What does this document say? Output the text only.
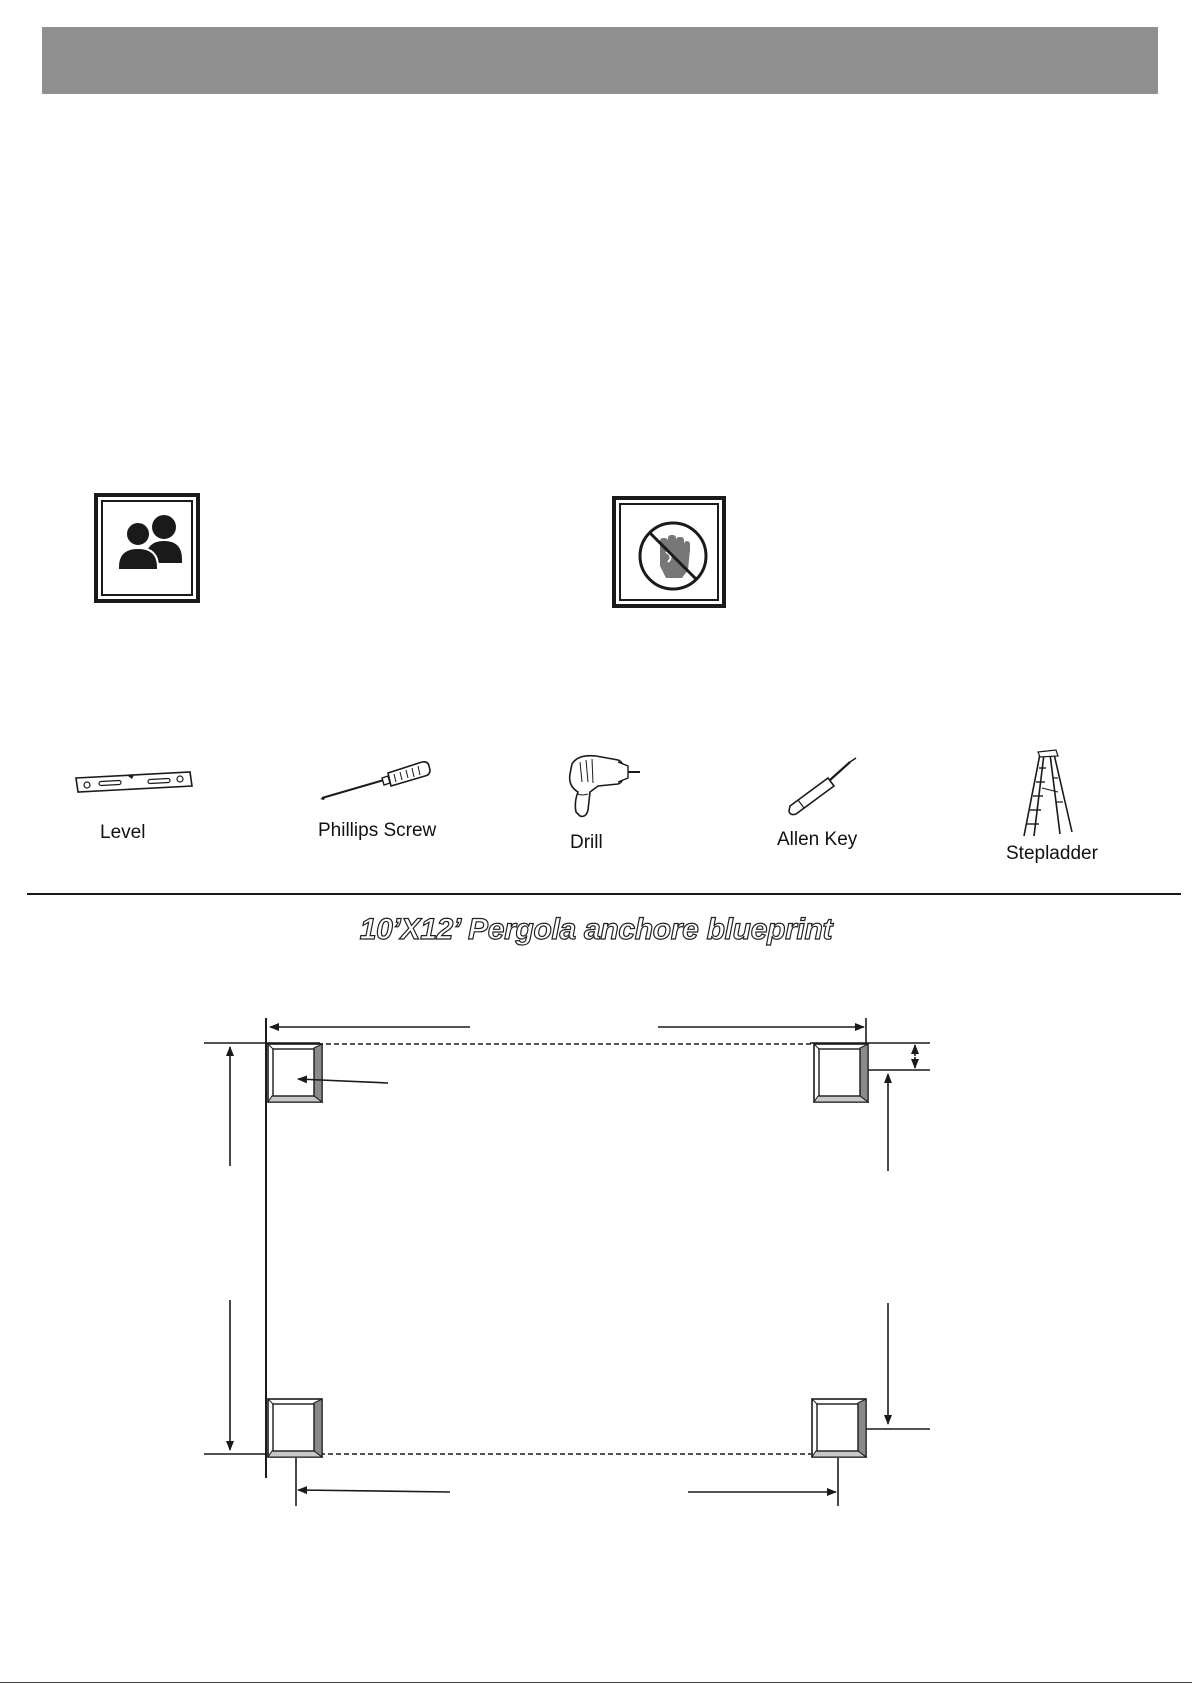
Level	Phillips Screw
Drill	Allen Key
Stepladder
10’X12’ Pergola anchore blueprint
